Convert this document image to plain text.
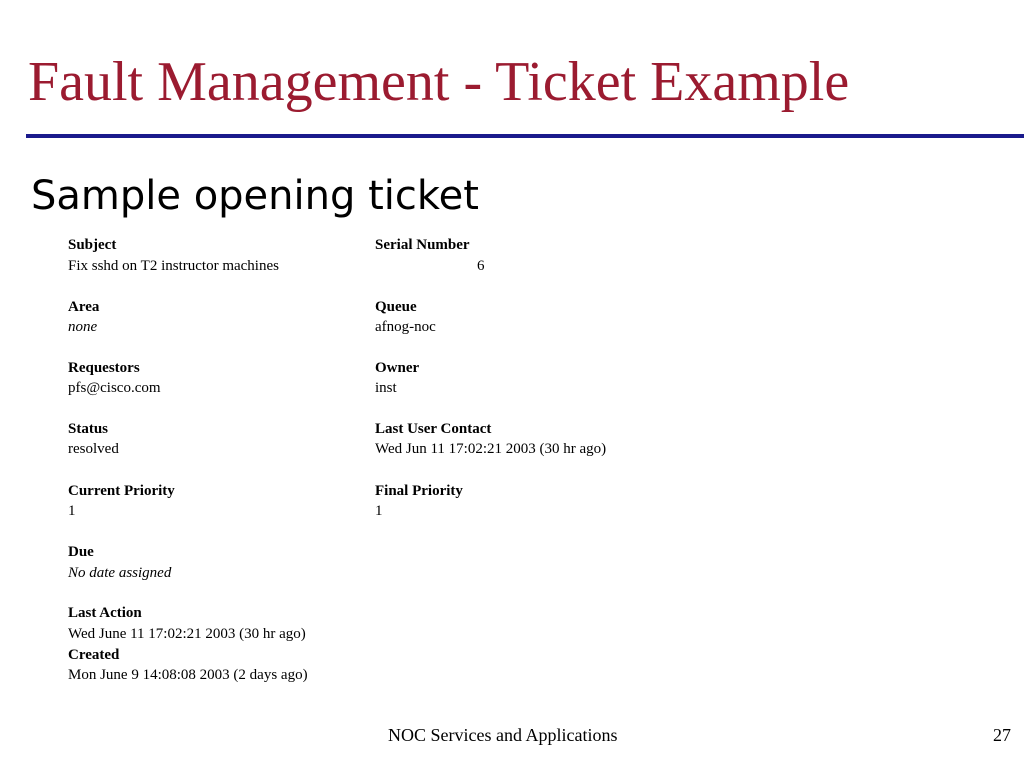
Fault Management - Ticket Example
Sample opening ticket
Subject
Fix sshd on T2 instructor machines
Area
none
Requestors
pfs@cisco.com
Status
resolved
Current Priority
1
Due
No date assigned
Last Action
Wed June 11 17:02:21 2003 (30 hr ago)
Created
Mon June 9 14:08:08 2003 (2 days ago)
Serial Number
6
Queue
afnog-noc
Owner
inst
Last User Contact
Wed Jun 11 17:02:21 2003 (30 hr ago)
Final Priority
1
NOC Services and Applications	27
